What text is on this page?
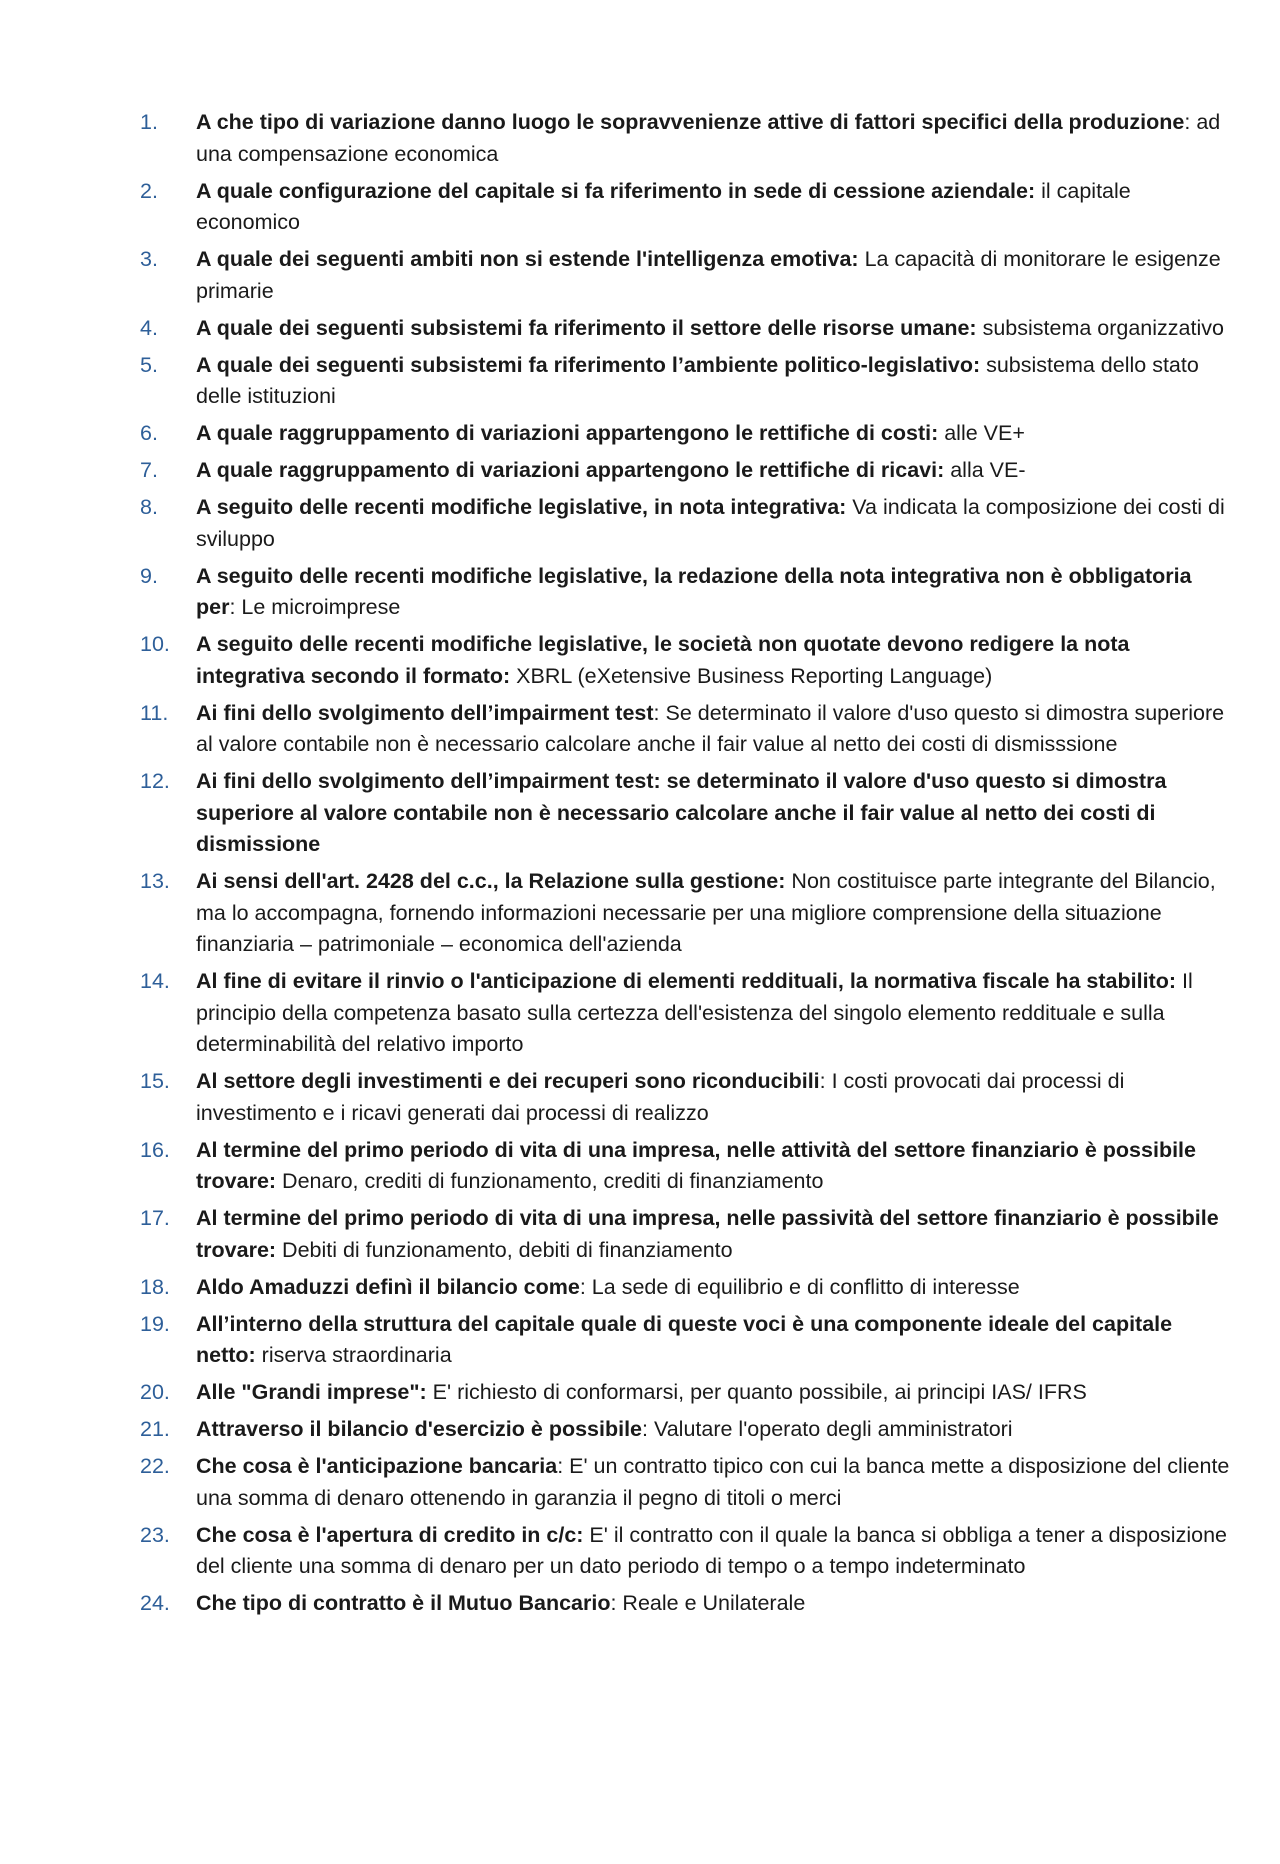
1. A che tipo di variazione danno luogo le sopravvenienze attive di fattori specifici della produzione: ad una compensazione economica
2. A quale configurazione del capitale si fa riferimento in sede di cessione aziendale: il capitale economico
3. A quale dei seguenti ambiti non si estende l'intelligenza emotiva: La capacità di monitorare le esigenze primarie
4. A quale dei seguenti subsistemi fa riferimento il settore delle risorse umane: subsistema organizzativo
5. A quale dei seguenti subsistemi fa riferimento l’ambiente politico-legislativo: subsistema dello stato delle istituzioni
6. A quale raggruppamento di variazioni appartengono le rettifiche di costi: alle VE+
7. A quale raggruppamento di variazioni appartengono le rettifiche di ricavi: alla VE-
8. A seguito delle recenti modifiche legislative, in nota integrativa: Va indicata la composizione dei costi di sviluppo
9. A seguito delle recenti modifiche legislative, la redazione della nota integrativa non è obbligatoria per: Le microimprese
10. A seguito delle recenti modifiche legislative, le società non quotate devono redigere la nota integrativa secondo il formato: XBRL (eXetensive Business Reporting Language)
11. Ai fini dello svolgimento dell’impairment test: Se determinato il valore d'uso questo si dimostra superiore al valore contabile non è necessario calcolare anche il fair value al netto dei costi di dismisssione
12. Ai fini dello svolgimento dell’impairment test: se determinato il valore d'uso questo si dimostra superiore al valore contabile non è necessario calcolare anche il fair value al netto dei costi di dismissione
13. Ai sensi dell'art. 2428 del c.c., la Relazione sulla gestione: Non costituisce parte integrante del Bilancio, ma lo accompagna, fornendo informazioni necessarie per una migliore comprensione della situazione finanziaria – patrimoniale – economica dell'azienda
14. Al fine di evitare il rinvio o l'anticipazione di elementi reddituali, la normativa fiscale ha stabilito: Il principio della competenza basato sulla certezza dell'esistenza del singolo elemento reddituale e sulla determinabilità del relativo importo
15. Al settore degli investimenti e dei recuperi sono riconducibili: I costi provocati dai processi di investimento e i ricavi generati dai processi di realizzo
16. Al termine del primo periodo di vita di una impresa, nelle attività del settore finanziario è possibile trovare: Denaro, crediti di funzionamento, crediti di finanziamento
17. Al termine del primo periodo di vita di una impresa, nelle passività del settore finanziario è possibile trovare: Debiti di funzionamento, debiti di finanziamento
18. Aldo Amaduzzi definì il bilancio come: La sede di equilibrio e di conflitto di interesse
19. All’interno della struttura del capitale quale di queste voci è una componente ideale del capitale netto: riserva straordinaria
20. Alle "Grandi imprese": E' richiesto di conformarsi, per quanto possibile, ai principi IAS/ IFRS
21. Attraverso il bilancio d'esercizio è possibile: Valutare l'operato degli amministratori
22. Che cosa è l'anticipazione bancaria: E' un contratto tipico con cui la banca mette a disposizione del cliente una somma di denaro ottenendo in garanzia il pegno di titoli o merci
23. Che cosa è l'apertura di credito in c/c: E' il contratto con il quale la banca si obbliga a tener a disposizione del cliente una somma di denaro per un dato periodo di tempo o a tempo indeterminato
24. Che tipo di contratto è il Mutuo Bancario: Reale e Unilaterale
